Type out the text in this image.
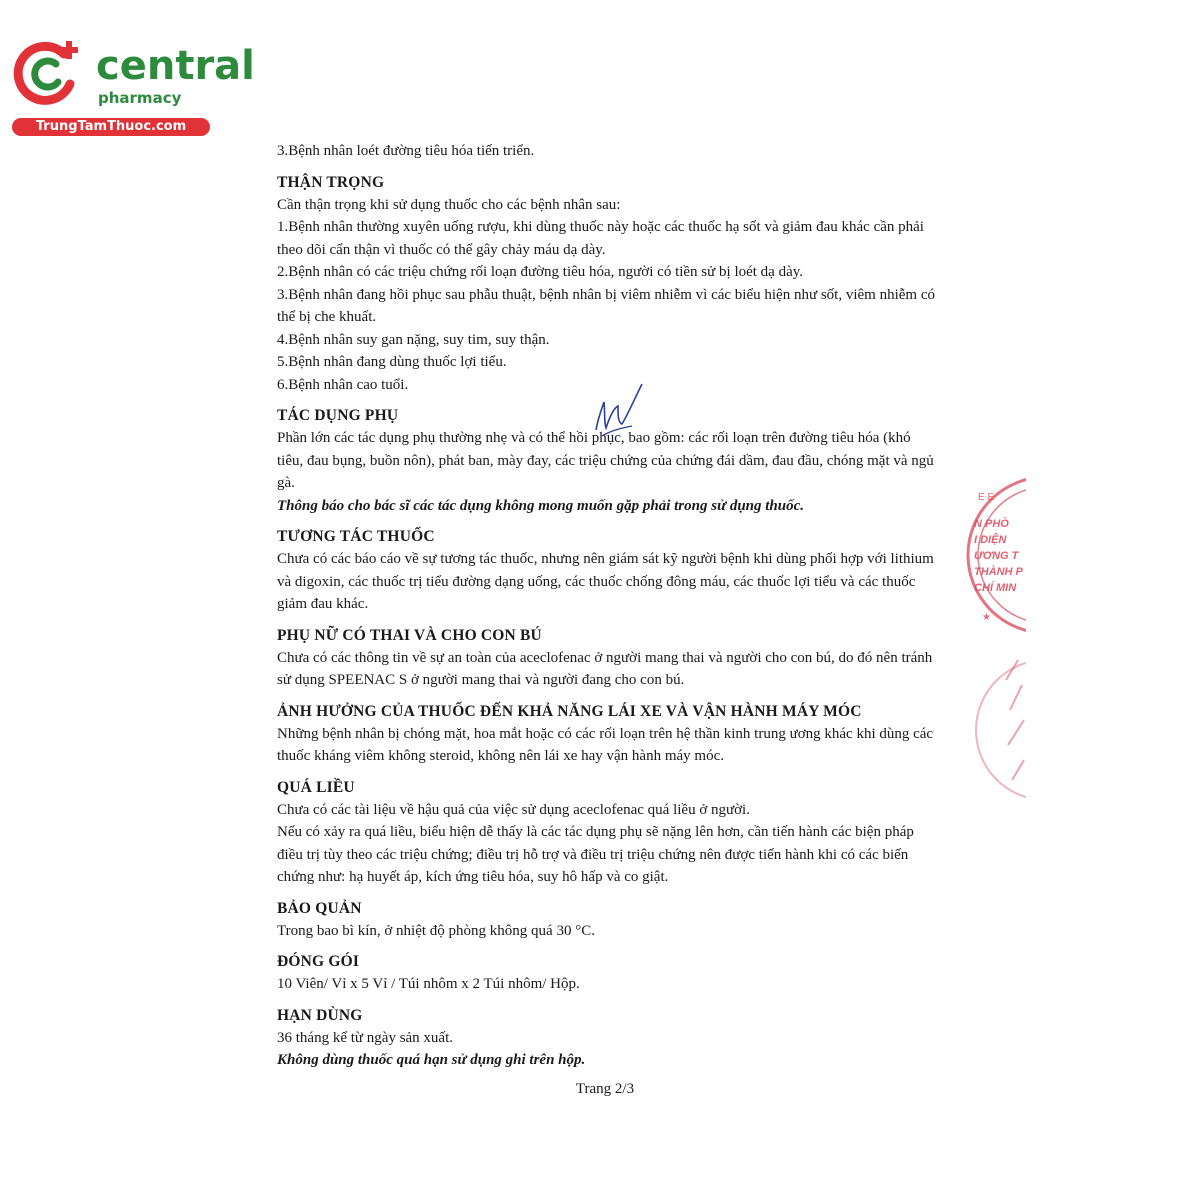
central
pharmacy
TrungTamThuoc.com

3.Bệnh nhân loét đường tiêu hóa tiến triển.

THẬN TRỌNG

Cần thận trọng khi sử dụng thuốc cho các bệnh nhân sau:

1.Bệnh nhân thường xuyên uống rượu, khi dùng thuốc này hoặc các thuốc hạ sốt và giảm đau khác cần phải theo dõi cẩn thận vì thuốc có thể gây chảy máu dạ dày.

2.Bệnh nhân có các triệu chứng rối loạn đường tiêu hóa, người có tiền sử bị loét dạ dày.

3.Bệnh nhân đang hồi phục sau phẫu thuật, bệnh nhân bị viêm nhiễm vì các biểu hiện như sốt, viêm nhiễm có thể bị che khuất.

4.Bệnh nhân suy gan nặng, suy tim, suy thận.

5.Bệnh nhân đang dùng thuốc lợi tiểu.

6.Bệnh nhân cao tuổi.

TÁC DỤNG PHỤ

Phần lớn các tác dụng phụ thường nhẹ và có thể hồi phục, bao gồm: các rối loạn trên đường tiêu hóa (khó tiêu, đau bụng, buồn nôn), phát ban, mày đay, các triệu chứng của chứng đái dầm, đau đầu, chóng mặt và ngủ gà.

Thông báo cho bác sĩ các tác dụng không mong muốn gặp phải trong sử dụng thuốc.

TƯƠNG TÁC THUỐC

Chưa có các báo cáo về sự tương tác thuốc, nhưng nên giám sát kỹ người bệnh khi dùng phối hợp với lithium và digoxin, các thuốc trị tiểu đường dạng uống, các thuốc chống đông máu, các thuốc lợi tiểu và các thuốc giảm đau khác.

PHỤ NỮ CÓ THAI VÀ CHO CON BÚ

Chưa có các thông tin về sự an toàn của aceclofenac ở người mang thai và người cho con bú, do đó nên tránh sử dụng SPEENAC S ở người mang thai và người đang cho con bú.

ẢNH HƯỞNG CỦA THUỐC ĐẾN KHẢ NĂNG LÁI XE VÀ VẬN HÀNH MÁY MÓC

Những bệnh nhân bị chóng mặt, hoa mắt hoặc có các rối loạn trên hệ thần kinh trung ương khác khi dùng các thuốc kháng viêm không steroid, không nên lái xe hay vận hành máy móc.

QUÁ LIỀU

Chưa có các tài liệu về hậu quả của việc sử dụng aceclofenac quá liều ở người.

Nếu có xảy ra quá liều, biểu hiện dễ thấy là các tác dụng phụ sẽ nặng lên hơn, cần tiến hành các biện pháp điều trị tùy theo các triệu chứng; điều trị hỗ trợ và điều trị triệu chứng nên được tiến hành khi có các biến chứng như: hạ huyết áp, kích ứng tiêu hóa, suy hô hấp và co giật.

BẢO QUẢN

Trong bao bì kín, ở nhiệt độ phòng không quá 30 °C.

ĐÓNG GÓI

10 Viên/ Vỉ x 5 Vỉ / Túi nhôm x 2 Túi nhôm/ Hộp.

HẠN DÙNG

36 tháng kể từ ngày sản xuất.

Không dùng thuốc quá hạn sử dụng ghi trên hộp.

E E
★
N PHÒ
I DIỆN
ƯƠNG T
THÀNH P
CHÍ MIN
Trang 2/3
